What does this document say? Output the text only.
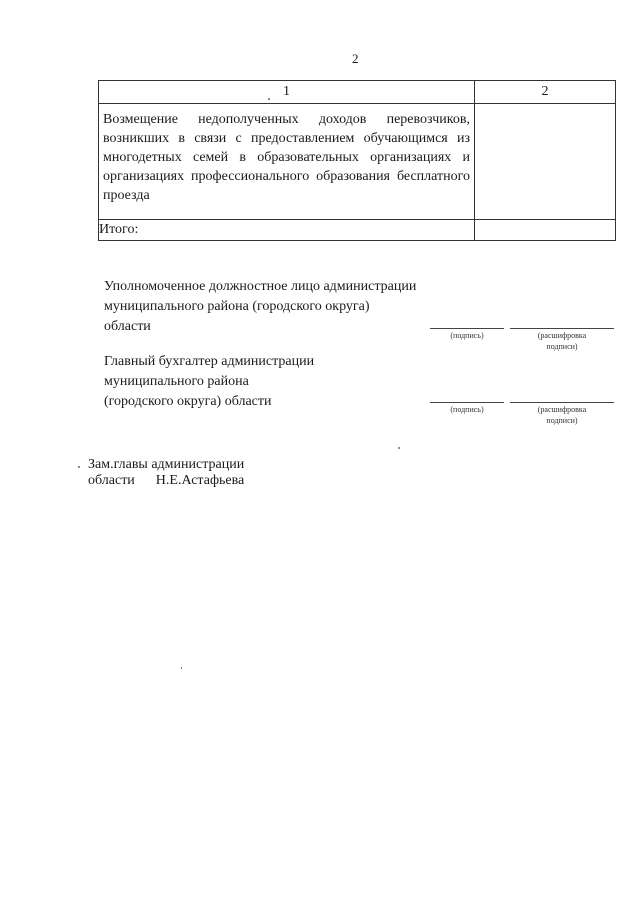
2
1	2

Возмещение недополученных доходов перевозчиков, возникших в связи с предоставлением обучающимся из многодетных семей в образовательных организациях и организациях профессионального образования бесплатного проезда	

Итого:	
Уполномоченное должностное лицо администрации
муниципального района (городского округа)
области
(подпись)	(расшифровка
подписи)
Главный бухгалтер администрации
муниципального района
(городского округа) области
(подпись)	(расшифровка
подписи)
Зам.главы администрации
области      Н.Е.Астафьева
